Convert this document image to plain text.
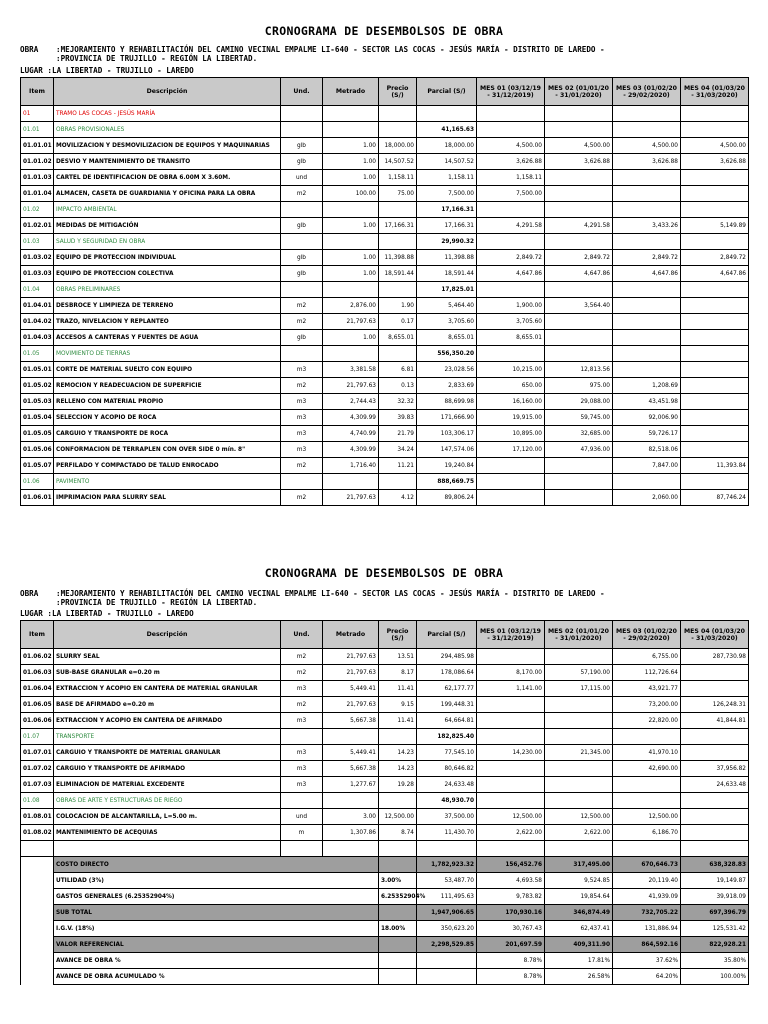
CRONOGRAMA DE DESEMBOLSOS DE OBRA
OBRA :MEJORAMIENTO Y REHABILITACIÓN DEL CAMINO VECINAL EMPALME LI-640 - SECTOR LAS COCAS - JESÚS MARÍA - DISTRITO DE LAREDO -
:PROVINCIA DE TRUJILLO - REGIÓN LA LIBERTAD.
LUGAR :LA LIBERTAD - TRUJILLO - LAREDO
Item	Descripción	Und.	Metrado	Precio (S/)	Parcial (S/)	MES 01 (03/12/19 - 31/12/2019)	MES 02 (01/01/20 - 31/01/2020)	MES 03 (01/02/20 - 29/02/2020)	MES 04 (01/03/20 - 31/03/2020)
01	TRAMO LAS COCAS - JESÚS MARÍA								
01.01	OBRAS PROVISIONALES				41,165.63				
01.01.01	MOVILIZACION Y DESMOVILIZACION DE EQUIPOS Y MAQUINARIAS	glb	1.00	18,000.00	18,000.00	4,500.00	4,500.00	4,500.00	4,500.00
01.01.02	DESVIO Y MANTENIMIENTO DE TRANSITO	glb	1.00	14,507.52	14,507.52	3,626.88	3,626.88	3,626.88	3,626.88
01.01.03	CARTEL DE IDENTIFICACION DE OBRA 6.00M X 3.60M.	und	1.00	1,158.11	1,158.11	1,158.11			
01.01.04	ALMACEN, CASETA DE GUARDIANIA Y OFICINA PARA LA OBRA	m2	100.00	75.00	7,500.00	7,500.00			
01.02	IMPACTO AMBIENTAL				17,166.31				
01.02.01	MEDIDAS DE MITIGACIÓN	glb	1.00	17,166.31	17,166.31	4,291.58	4,291.58	3,433.26	5,149.89
01.03	SALUD Y SEGURIDAD EN OBRA				29,990.32				
01.03.02	EQUIPO DE PROTECCION INDIVIDUAL	glb	1.00	11,398.88	11,398.88	2,849.72	2,849.72	2,849.72	2,849.72
01.03.03	EQUIPO DE PROTECCION COLECTIVA	glb	1.00	18,591.44	18,591.44	4,647.86	4,647.86	4,647.86	4,647.86
01.04	OBRAS PRELIMINARES				17,825.01				
01.04.01	DESBROCE Y LIMPIEZA DE TERRENO	m2	2,876.00	1.90	5,464.40	1,900.00	3,564.40		
01.04.02	TRAZO, NIVELACION Y REPLANTEO	m2	21,797.63	0.17	3,705.60	3,705.60			
01.04.03	ACCESOS A CANTERAS Y FUENTES DE AGUA	glb	1.00	8,655.01	8,655.01	8,655.01			
01.05	MOVIMIENTO DE TIERRAS				556,350.20				
01.05.01	CORTE DE MATERIAL SUELTO CON EQUIPO	m3	3,381.58	6.81	23,028.56	10,215.00	12,813.56		
01.05.02	REMOCION Y READECUACION DE SUPERFICIE	m2	21,797.63	0.13	2,833.69	650.00	975.00	1,208.69	
01.05.03	RELLENO CON MATERIAL PROPIO	m3	2,744.43	32.32	88,699.98	16,160.00	29,088.00	43,451.98	
01.05.04	SELECCION Y ACOPIO DE ROCA	m3	4,309.99	39.83	171,666.90	19,915.00	59,745.00	92,006.90	
01.05.05	CARGUIO Y TRANSPORTE DE ROCA	m3	4,740.99	21.79	103,306.17	10,895.00	32,685.00	59,726.17	
01.05.06	CONFORMACION DE TERRAPLEN CON OVER SIDE 0 mín. 8"	m3	4,309.99	34.24	147,574.06	17,120.00	47,936.00	82,518.06	
01.05.07	PERFILADO Y COMPACTADO DE TALUD ENROCADO	m2	1,716.40	11.21	19,240.84			7,847.00	11,393.84
01.06	PAVIMENTO				888,669.75				
01.06.01	IMPRIMACION PARA SLURRY SEAL	m2	21,797.63	4.12	89,806.24			2,060.00	87,746.24
CRONOGRAMA DE DESEMBOLSOS DE OBRA
OBRA :MEJORAMIENTO Y REHABILITACIÓN DEL CAMINO VECINAL EMPALME LI-640 - SECTOR LAS COCAS - JESÚS MARÍA - DISTRITO DE LAREDO -
:PROVINCIA DE TRUJILLO - REGIÓN LA LIBERTAD.
LUGAR :LA LIBERTAD - TRUJILLO - LAREDO
Item	Descripción	Und.	Metrado	Precio (S/)	Parcial (S/)	MES 01 (03/12/19 - 31/12/2019)	MES 02 (01/01/20 - 31/01/2020)	MES 03 (01/02/20 - 29/02/2020)	MES 04 (01/03/20 - 31/03/2020)
01.06.02	SLURRY SEAL	m2	21,797.63	13.51	294,485.98			6,755.00	287,730.98
01.06.03	SUB-BASE GRANULAR e=0.20 m	m2	21,797.63	8.17	178,086.64	8,170.00	57,190.00	112,726.64	
01.06.04	EXTRACCION Y ACOPIO EN CANTERA DE MATERIAL GRANULAR	m3	5,449.41	11.41	62,177.77	1,141.00	17,115.00	43,921.77	
01.06.05	BASE DE AFIRMADO e=0.20 m	m2	21,797.63	9.15	199,448.31			73,200.00	126,248.31
01.06.06	EXTRACCION Y ACOPIO EN CANTERA DE AFIRMADO	m3	5,667.38	11.41	64,664.81			22,820.00	41,844.81
01.07	TRANSPORTE				182,825.40				
01.07.01	CARGUIO Y TRANSPORTE DE MATERIAL GRANULAR	m3	5,449.41	14.23	77,545.10	14,230.00	21,345.00	41,970.10	
01.07.02	CARGUIO Y TRANSPORTE DE AFIRMADO	m3	5,667.38	14.23	80,646.82			42,690.00	37,956.82
01.07.03	ELIMINACION DE MATERIAL EXCEDENTE	m3	1,277.67	19.28	24,633.48				24,633.48
01.08	OBRAS DE ARTE Y ESTRUCTURAS DE RIEGO				48,930.70				
01.08.01	COLOCACION DE ALCANTARILLA, L=5.00 m.	und	3.00	12,500.00	37,500.00	12,500.00	12,500.00	12,500.00	
01.08.02	MANTENIMIENTO DE ACEQUIAS	m	1,307.86	8.74	11,430.70	2,622.00	2,622.00	6,186.70	

	COSTO DIRECTO				1,782,923.32	156,452.76	317,495.00	670,646.73	638,328.83
	UTILIDAD (3%)			3.00%	53,487.70	4,693.58	9,524.85	20,119.40	19,149.87
	GASTOS GENERALES (6.25352904%)			6.25352904%	111,495.63	9,783.82	19,854.64	41,939.09	39,918.09
	SUB TOTAL				1,947,906.65	170,930.16	346,874.49	732,705.22	697,396.79
	I.G.V. (18%)			18.00%	350,623.20	30,767.43	62,437.41	131,886.94	125,531.42
	VALOR REFERENCIAL				2,298,529.85	201,697.59	409,311.90	864,592.16	822,928.21
	AVANCE DE OBRA %					8.78%	17.81%	37.62%	35.80%
	AVANCE DE OBRA ACUMULADO %					8.78%	26.58%	64.20%	100.00%
